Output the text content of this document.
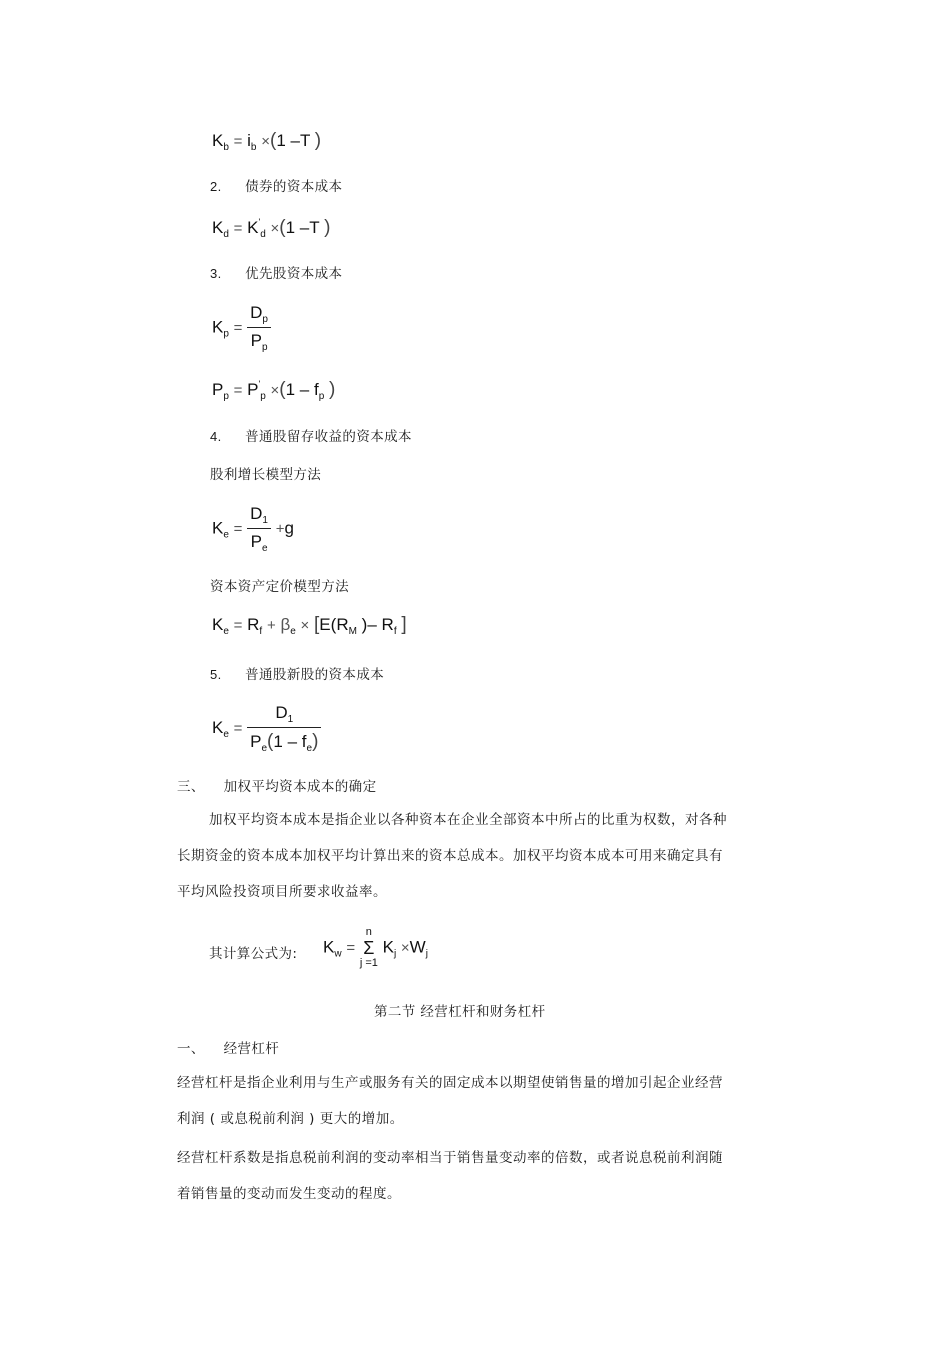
$K_b = i_b \times(1$ –T )
2. 债券的资本成本
$K_d = K'_d \times(1$ –T )
3. 优先股资本成本
$K_p = \frac{D_p}{P_p}$
$P_p = P'_p \times(1 - f_p$ )
4. 普通股留存收益的资本成本
股利增长模型方法
$K_e = \frac{D_1}{P_e} +g$
资本资产定价模型方法
$K_e = R_f + \beta_e \times [E(R_M$ )– $R_f$ ]
5. 普通股新股的资本成本
$K_e = \frac{D_1}{P_e(1 - f_e)}$
三、 加权平均资本成本的确定
加权平均资本成本是指企业以各种资本在企业全部资本中所占的比重为权数，对各种长期资金的资本成本加权平均计算出来的资本总成本。加权平均资本成本可用来确定具有平均风险投资项目所要求收益率。
其计算公式为: $K_w = n$
Σ
j =1 $K_j \times W_j$
第二节 经营杠杆和财务杠杆
一、 经营杠杆
经营杠杆是指企业利用与生产或服务有关的固定成本以期望使销售量的增加引起企业经营利润 ( 或息税前利润 ) 更大的增加。
经营杠杆系数是指息税前利润的变动率相当于销售量变动率的倍数，或者说息税前利润随着销售量的变动而发生变动的程度。
